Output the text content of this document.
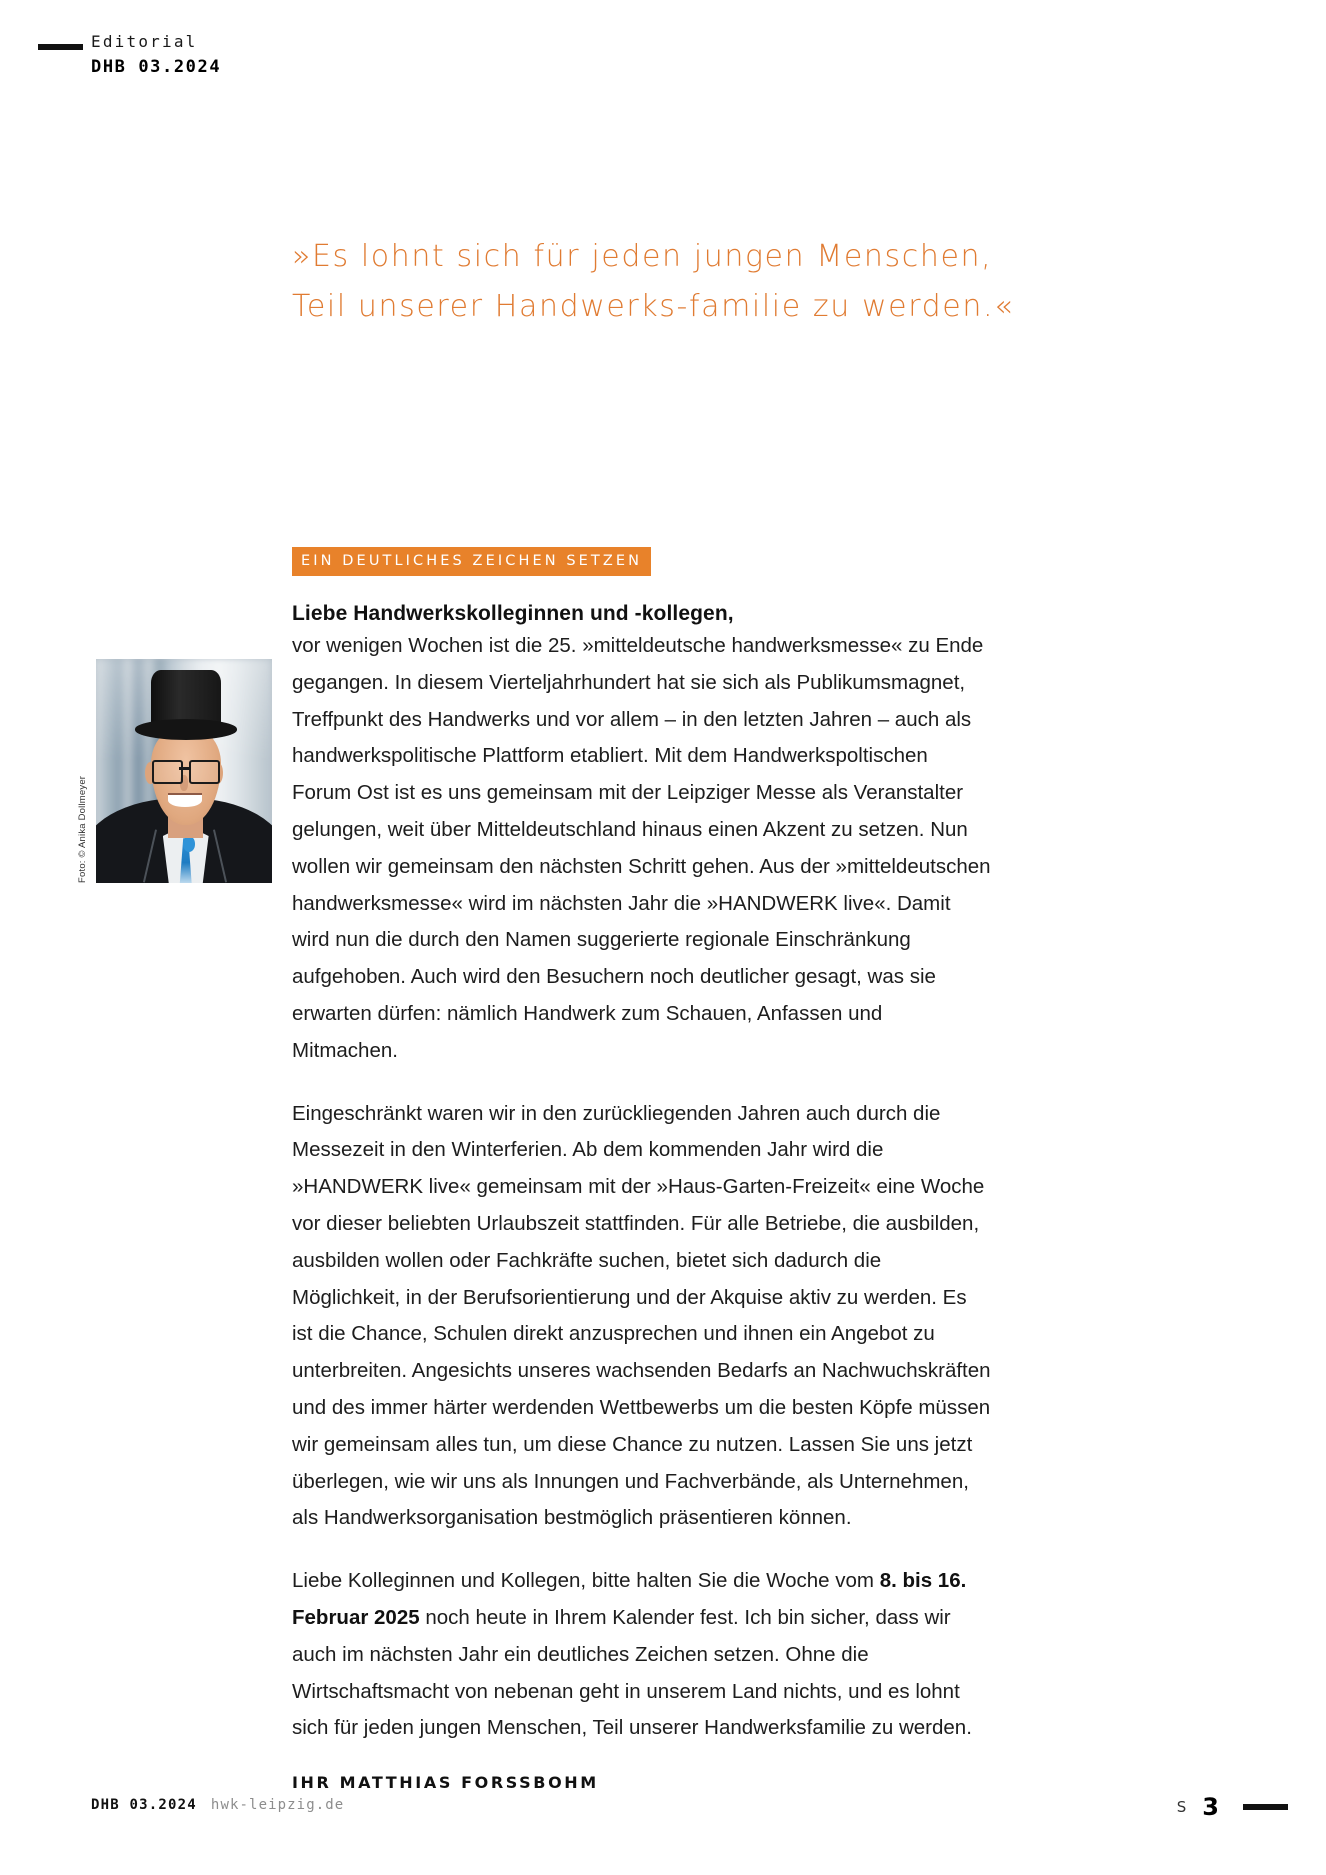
Editorial
DHB 03.2024
»Es lohnt sich für jeden jungen Menschen, Teil unserer Handwerks‑familie zu werden.«
Foto: © Anika Dollmeyer
EIN DEUTLICHES ZEICHEN SETZEN
Liebe Handwerkskolleginnen und -kollegen,

vor wenigen Wochen ist die 25. »mitteldeutsche handwerksmesse« zu Ende gegangen. In diesem Vierteljahrhundert hat sie sich als Publikumsmagnet, Treffpunkt des Handwerks und vor allem – in den letzten Jahren – auch als handwerkspolitische Plattform etabliert. Mit dem Handwerkspoltischen Forum Ost ist es uns gemeinsam mit der Leipziger Messe als Veranstalter gelungen, weit über Mitteldeutschland hinaus einen Akzent zu setzen. Nun wollen wir gemeinsam den nächsten Schritt gehen. Aus der »mitteldeutschen handwerksmesse« wird im nächsten Jahr die »HANDWERK live«. Damit wird nun die durch den Namen suggerierte regionale Einschränkung aufgehoben. Auch wird den Besuchern noch deutlicher gesagt, was sie erwarten dürfen: nämlich Handwerk zum Schauen, Anfassen und Mitmachen.

Eingeschränkt waren wir in den zurückliegenden Jahren auch durch die Messezeit in den Winterferien. Ab dem kommenden Jahr wird die »HANDWERK live« gemeinsam mit der »Haus-Garten-Freizeit« eine Woche vor dieser beliebten Urlaubszeit stattfinden. Für alle Betriebe, die ausbilden, ausbilden wollen oder Fachkräfte suchen, bietet sich dadurch die Möglichkeit, in der Berufsorientierung und der Akquise aktiv zu werden. Es ist die Chance, Schulen direkt anzusprechen und ihnen ein Angebot zu unterbreiten. Angesichts unseres wachsenden Bedarfs an Nachwuchskräften und des immer härter werdenden Wettbewerbs um die besten Köpfe müssen wir gemeinsam alles tun, um diese Chance zu nutzen. Lassen Sie uns jetzt überlegen, wie wir uns als Innungen und Fachverbände, als Unternehmen, als Handwerksorganisation bestmöglich präsentieren können.

Liebe Kolleginnen und Kollegen, bitte halten Sie die Woche vom 8. bis 16. Februar 2025 noch heute in Ihrem Kalender fest. Ich bin sicher, dass wir auch im nächsten Jahr ein deutliches Zeichen setzen. Ohne die Wirtschaftsmacht von nebenan geht in unserem Land nichts, und es lohnt sich für jeden jungen Menschen, Teil unserer Handwerksfamilie zu werden.

IHR MATTHIAS FORSSBOHM
DHB 03.2024 hwk-leipzig.de	S 3
